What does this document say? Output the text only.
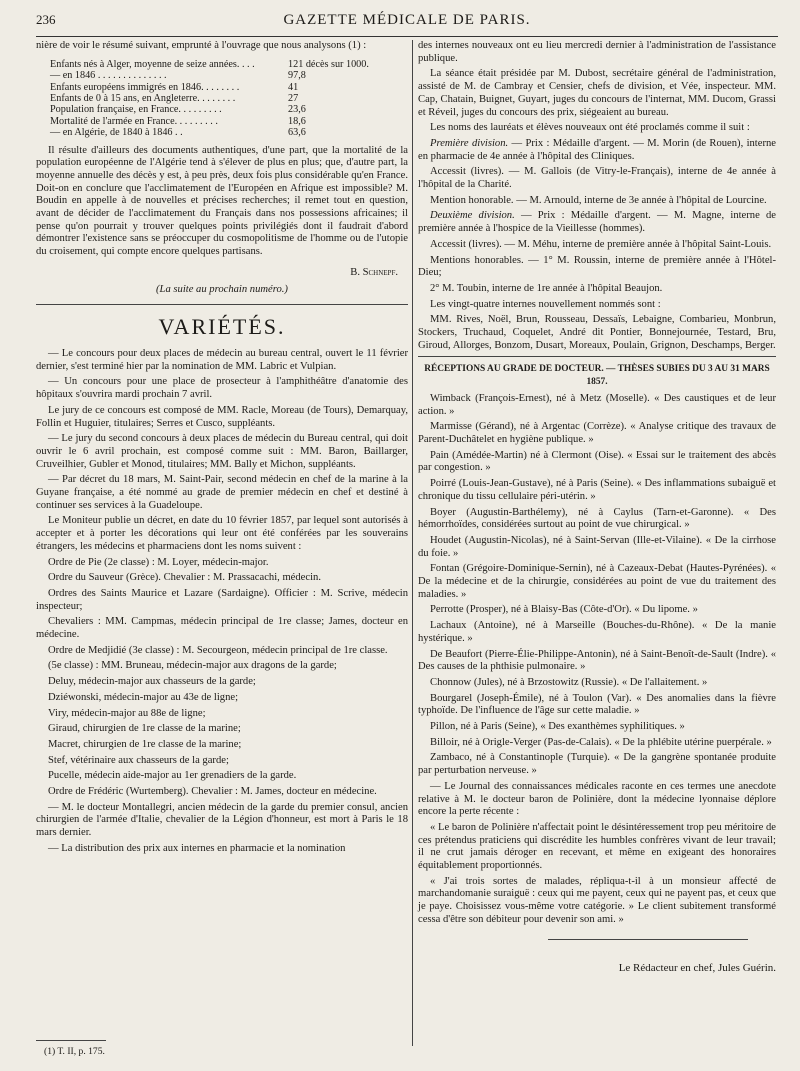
236	GAZETTE MÉDICALE DE PARIS.

nière de voir le résumé suivant, emprunté à l'ouvrage que nous analysons (1) :

Enfants nés à Alger, moyenne de seize années. . . .	121 décès sur 1000.
— en 1846 . . . . . . . . . . . . . .	97,8
Enfants européens immigrés en 1846. . . . . . . .	41
Enfants de 0 à 15 ans, en Angleterre. . . . . . . .	27
Population française, en France. . . . . . . . .	23,6
Mortalité de l'armée en France. . . . . . . . .	18,6
— en Algérie, de 1840 à 1846 . .	63,6

Il résulte d'ailleurs des documents authentiques, d'une part, que la mortalité de la population européenne de l'Algérie tend à s'élever de plus en plus; que, d'autre part, la moyenne annuelle des décès y est, à peu près, deux fois plus considérable qu'en France. Doit-on en conclure que l'acclimatement de l'Européen en Afrique est impossible? M. Boudin en appelle à de nouvelles et précises recherches; il remet tout en question, avant de décider de l'acclimatement du Français dans nos possessions africaines; il pense qu'on pourrait y trouver quelques points privilégiés dont il faudrait d'abord démontrer l'existence sans se préoccuper du cosmopolitisme de l'homme ou de l'utopie du croisement, qui compte encore quelques partisans.

B. Schnepf.
(La suite au prochain numéro.)
VARIÉTÉS.

— Le concours pour deux places de médecin au bureau central, ouvert le 11 février dernier, s'est terminé hier par la nomination de MM. Labric et Vulpian.

— Un concours pour une place de prosecteur à l'amphithéâtre d'anatomie des hôpitaux s'ouvrira mardi prochain 7 avril.

Le jury de ce concours est composé de MM. Racle, Moreau (de Tours), Demarquay, Follin et Huguier, titulaires; Serres et Cusco, suppléants.

— Le jury du second concours à deux places de médecin du Bureau central, qui doit ouvrir le 6 avril prochain, est composé comme suit : MM. Baron, Baillarger, Cruveilhier, Gubler et Monod, titulaires; MM. Bally et Michon, suppléants.

— Par décret du 18 mars, M. Saint-Pair, second médecin en chef de la marine à la Guyane française, a été nommé au grade de premier médecin en chef et destiné à continuer ses services à la Guadeloupe.

Le Moniteur publie un décret, en date du 10 février 1857, par lequel sont autorisés à accepter et à porter les décorations qui leur ont été conférées par les souverains étrangers, les médecins et pharmaciens dont les noms suivent :

Ordre de Pie (2e classe) : M. Loyer, médecin-major.

Ordre du Sauveur (Grèce). Chevalier : M. Prassacachi, médecin.

Ordres des Saints Maurice et Lazare (Sardaigne). Officier : M. Scrive, médecin inspecteur;

Chevaliers : MM. Campmas, médecin principal de 1re classe; James, docteur en médecine.

Ordre de Medjidié (3e classe) : M. Secourgeon, médecin principal de 1re classe.

(5e classe) : MM. Bruneau, médecin-major aux dragons de la garde;

Deluy, médecin-major aux chasseurs de la garde;

Dziéwonski, médecin-major au 43e de ligne;

Viry, médecin-major au 88e de ligne;

Giraud, chirurgien de 1re classe de la marine;

Macret, chirurgien de 1re classe de la marine;

Stef, vétérinaire aux chasseurs de la garde;

Pucelle, médecin aide-major au 1er grenadiers de la garde.

Ordre de Frédéric (Wurtemberg). Chevalier : M. James, docteur en médecine.

— M. le docteur Montallegri, ancien médecin de la garde du premier consul, ancien chirurgien de l'armée d'Italie, chevalier de la Légion d'honneur, est mort à Paris le 18 mars dernier.

— La distribution des prix aux internes en pharmacie et la nomination

des internes nouveaux ont eu lieu mercredi dernier à l'administration de l'assistance publique.

La séance était présidée par M. Dubost, secrétaire général de l'administration, assisté de M. de Cambray et Censier, chefs de division, et Vée, inspecteur. MM. Cap, Chatain, Buignet, Guyart, juges du concours de l'internat, MM. Ducom, Grassi et Réveil, juges du concours des prix, siégeaient au bureau.

Les noms des lauréats et élèves nouveaux ont été proclamés comme il suit :

Première division. — Prix : Médaille d'argent. — M. Morin (de Rouen), interne en pharmacie de 4e année à l'hôpital des Cliniques.

Accessit (livres). — M. Gallois (de Vitry-le-Français), interne de 4e année à l'hôpital de la Charité.

Mention honorable. — M. Arnould, interne de 3e année à l'hôpital de Lourcine.

Deuxième division. — Prix : Médaille d'argent. — M. Magne, interne de première année à l'hospice de la Vieillesse (hommes).

Accessit (livres). — M. Méhu, interne de première année à l'hôpital Saint-Louis.

Mentions honorables. — 1° M. Roussin, interne de première année à l'Hôtel-Dieu;

2° M. Toubin, interne de 1re année à l'hôpital Beaujon.

Les vingt-quatre internes nouvellement nommés sont :

MM. Rives, Noël, Brun, Rousseau, Dessaïs, Lebaigne, Combarieu, Monbrun, Stockers, Truchaud, Coquelet, André dit Pontier, Bonnejournée, Testard, Bru, Giroud, Allorges, Bonzom, Dusart, Moreaux, Poulain, Grignon, Deschamps, Berger.

RÉCEPTIONS AU GRADE DE DOCTEUR. — THÈSES SUBIES DU 3 AU 31 MARS 1857.

Wimback (François-Ernest), né à Metz (Moselle). « Des caustiques et de leur action. »

Marmisse (Gérand), né à Argentac (Corrèze). « Analyse critique des travaux de Parent-Duchâtelet en hygiène publique. »

Pain (Amédée-Martin) né à Clermont (Oise). « Essai sur le traitement des abcès par congestion. »

Poirré (Louis-Jean-Gustave), né à Paris (Seine). « Des inflammations subaiguë et chronique du tissu cellulaire péri-utérin. »

Boyer (Augustin-Barthélemy), né à Caylus (Tarn-et-Garonne). « Des hémorrhoïdes, considérées surtout au point de vue chirurgical. »

Houdet (Augustin-Nicolas), né à Saint-Servan (Ille-et-Vilaine). « De la cirrhose du foie. »

Fontan (Grégoire-Dominique-Sernin), né à Cazeaux-Debat (Hautes-Pyrénées). « De la médecine et de la chirurgie, considérées au point de vue du traitement des maladies. »

Perrotte (Prosper), né à Blaisy-Bas (Côte-d'Or). « Du lipome. »

Lachaux (Antoine), né à Marseille (Bouches-du-Rhône). « De la manie hystérique. »

De Beaufort (Pierre-Élie-Philippe-Antonin), né à Saint-Benoît-de-Sault (Indre). « Des causes de la phthisie pulmonaire. »

Chonnow (Jules), né à Brzostowitz (Russie). « De l'allaitement. »

Bourgarel (Joseph-Émile), né à Toulon (Var). « Des anomalies dans la fièvre typhoïde. De l'influence de l'âge sur cette maladie. »

Pillon, né à Paris (Seine), « Des exanthèmes syphilitiques. »

Billoir, né à Origle-Verger (Pas-de-Calais). « De la phlébite utérine puerpérale. »

Zambaco, né à Constantinople (Turquie). « De la gangrène spontanée produite par perturbation nerveuse. »

— Le Journal des connaissances médicales raconte en ces termes une anecdote relative à M. le docteur baron de Polinière, dont la médecine lyonnaise déplore encore la perte récente :

« Le baron de Polinière n'affectait point le désintéressement trop peu méritoire de ces prétendus praticiens qui discrédite les humbles confrères vivant de leur travail; il ne crut jamais déroger en recevant, et même en exigeant des honoraires équitablement proportionnés.

« J'ai trois sortes de malades, répliqua-t-il à un monsieur affecté de marchandomanie suraiguë : ceux qui me payent, ceux qui ne payent pas, et ceux que je paye. Choisissez vous-même votre catégorie. » Le client subitement transformé cessa d'être son débiteur pour devenir son ami. »

Le Rédacteur en chef, Jules Guérin.
(1) T. II, p. 175.
